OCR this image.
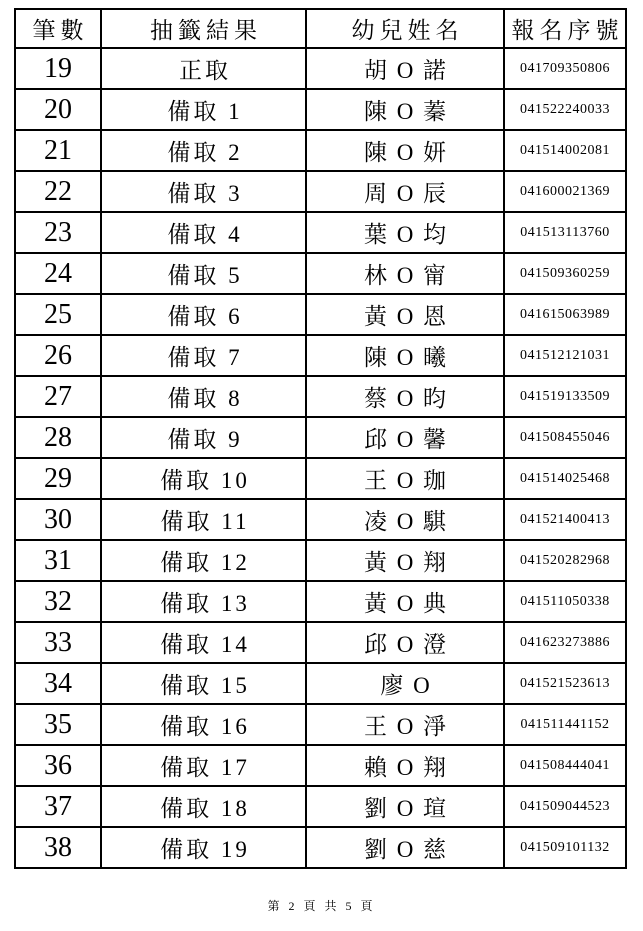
筆數	抽籤結果	幼兒姓名	報名序號
19	正取	胡 O 諾	041709350806
20	備取 1	陳 O 蓁	041522240033
21	備取 2	陳 O 妍	041514002081
22	備取 3	周 O 辰	041600021369
23	備取 4	葉 O 均	041513113760
24	備取 5	林 O 甯	041509360259
25	備取 6	黃 O 恩	041615063989
26	備取 7	陳 O 曦	041512121031
27	備取 8	蔡 O 昀	041519133509
28	備取 9	邱 O 馨	041508455046
29	備取 10	王 O 珈	041514025468
30	備取 11	凌 O 騏	041521400413
31	備取 12	黃 O 翔	041520282968
32	備取 13	黃 O 典	041511050338
33	備取 14	邱 O 澄	041623273886
34	備取 15	廖 O	041521523613
35	備取 16	王 O 淨	041511441152
36	備取 17	賴 O 翔	041508444041
37	備取 18	劉 O 瑄	041509044523
38	備取 19	劉 O 慈	041509101132
第 2 頁 共 5 頁
